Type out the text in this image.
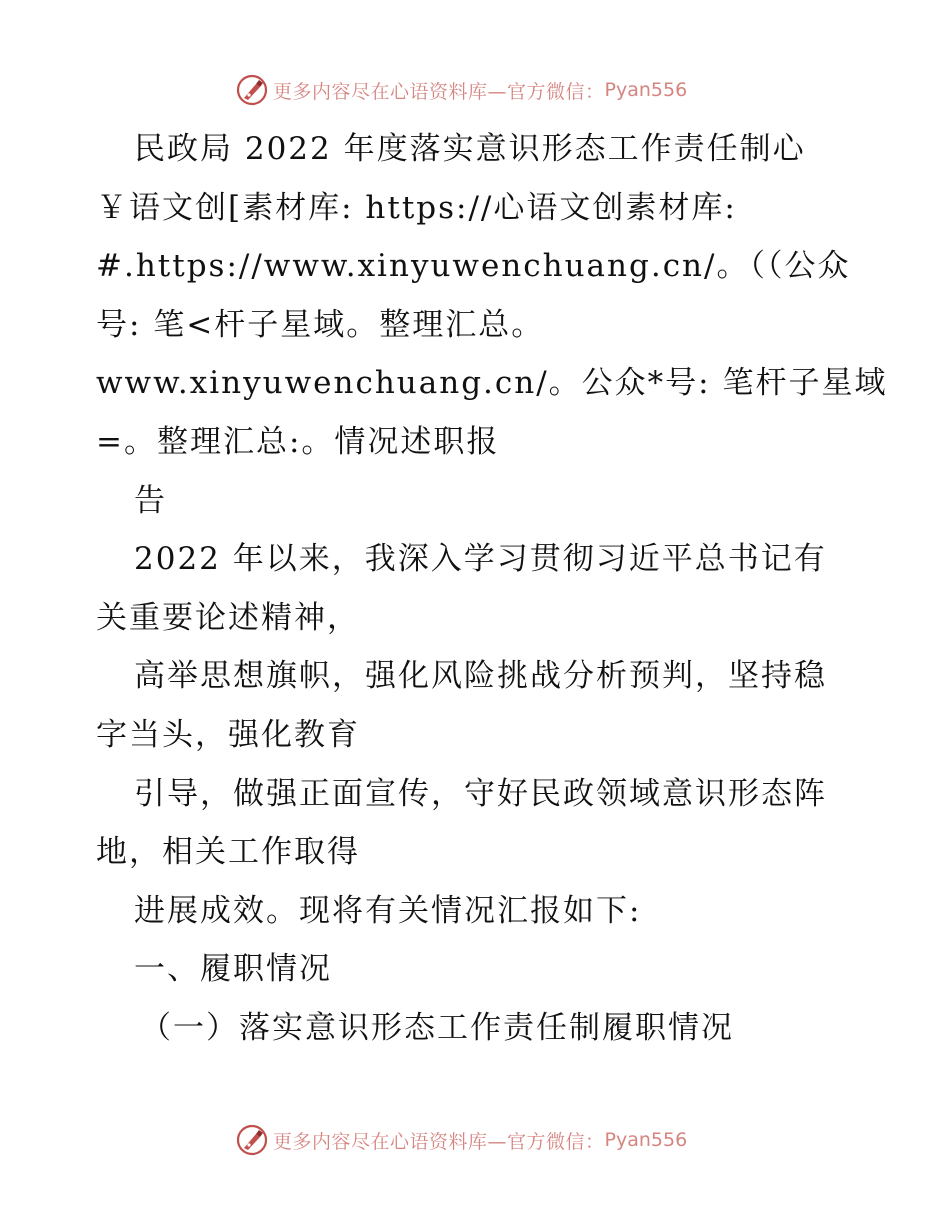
更多内容尽在心语资料库—官方微信： Pyan556
民政局 2022 年度落实意识形态工作责任制心
￥语文创[素材库: https://心语文创素材库:
#.https://www.xinyuwenchuang.cn/。（（公众
号: 笔<杆子星域。整理汇总。
www.xinyuwenchuang.cn/。公众*号: 笔杆子星域
=。整理汇总:。情况述职报
告
2022 年以来，我深入学习贯彻习近平总书记有
关重要论述精神，
高举思想旗帜，强化风险挑战分析预判，坚持稳
字当头，强化教育
引导，做强正面宣传，守好民政领域意识形态阵
地，相关工作取得
进展成效。现将有关情况汇报如下:
一、履职情况
（一）落实意识形态工作责任制履职情况
更多内容尽在心语资料库—官方微信： Pyan556
